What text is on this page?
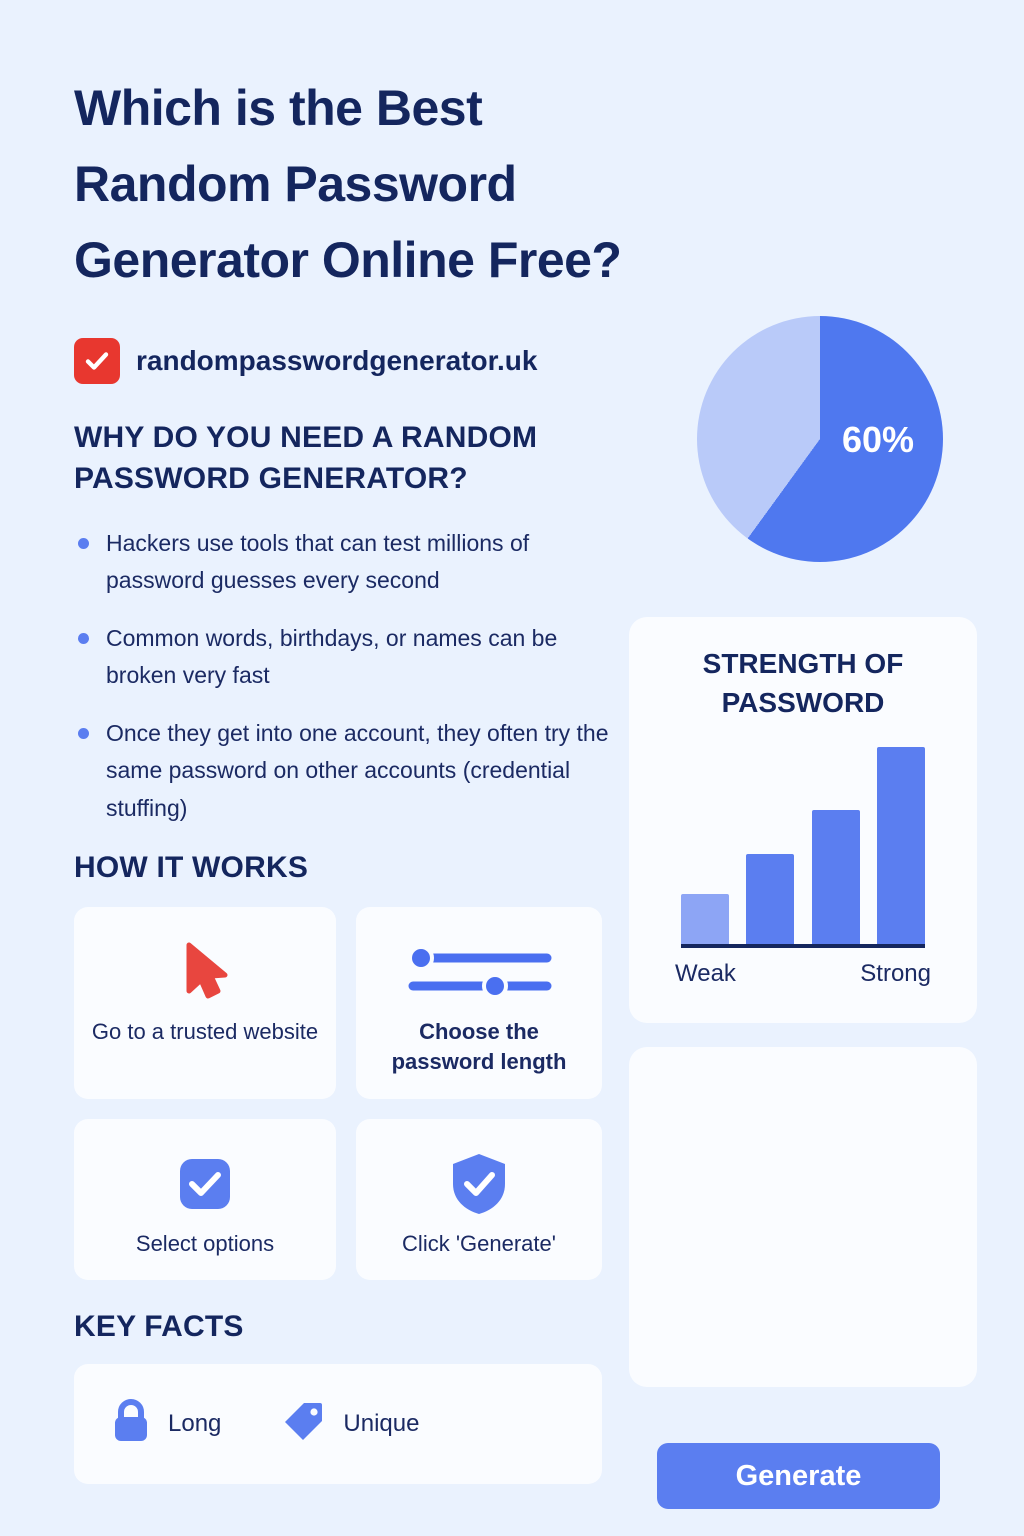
Which is the Best Random Password Generator Online Free?
randompasswordgenerator.uk
WHY DO YOU NEED A RANDOM PASSWORD GENERATOR?
Hackers use tools that can test millions of password guesses every second
Common words, birthdays, or names can be broken very fast
Once they get into one account, they often try the same password on other accounts (credential stuffing)
HOW IT WORKS
Go to a trusted website	Choose the password length
Select options	Click 'Generate'
KEY FACTS
Long	Unique
60%
STRENGTH OF PASSWORD
Weak	Strong
Generate
